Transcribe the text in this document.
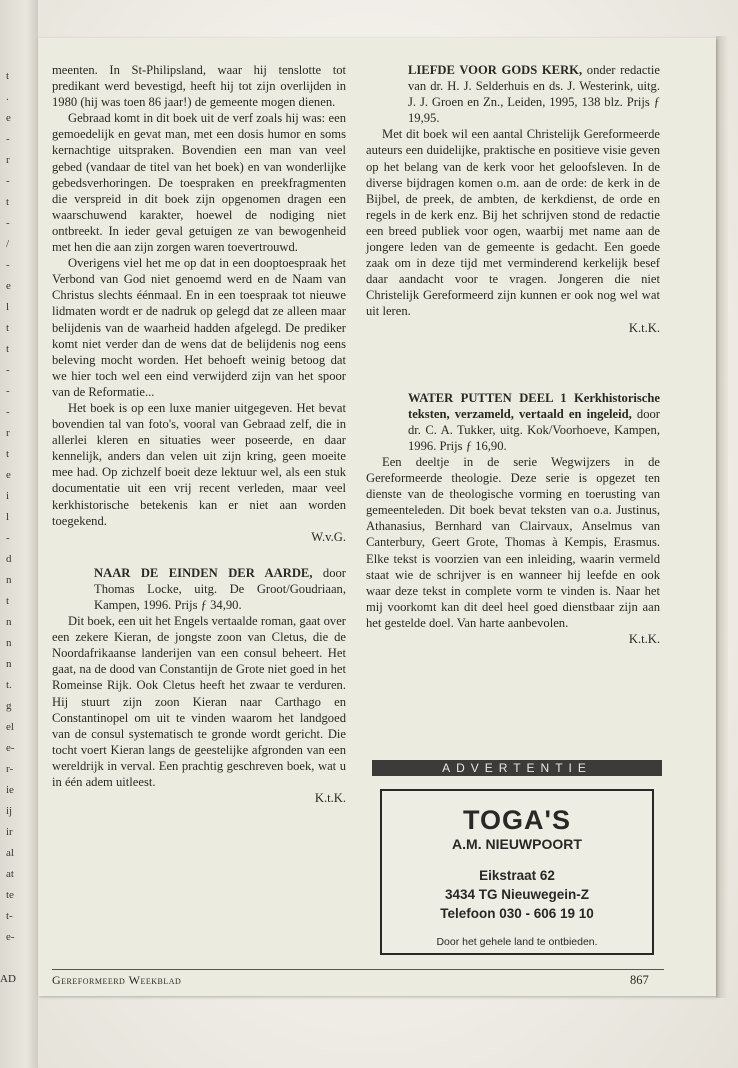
t
.
e
-
r
-
t
-
/
-
e
l
t
t
-
-
-
r
t
e
i
l
-
d
n
t
n
n
n
t.
g
el
e-
r-
ie
ij
ir
al
at
te
t-
e-

meenten. In St-Philipsland, waar hij tenslotte tot predikant werd bevestigd, heeft hij tot zijn overlijden in 1980 (hij was toen 86 jaar!) de gemeente mogen dienen.

Gebraad komt in dit boek uit de verf zoals hij was: een gemoedelijk en gevat man, met een dosis humor en soms kernachtige uitspraken. Bovendien een man van veel gebed (vandaar de titel van het boek) en van wonderlijke gebedsverhoringen. De toespraken en preekfragmenten die verspreid in dit boek zijn opgenomen dragen een waarschuwend karakter, hoewel de nodiging niet ontbreekt. In ieder geval getuigen ze van bewogenheid met hen die aan zijn zorgen waren toevertrouwd.

Overigens viel het me op dat in een dooptoespraak het Verbond van God niet genoemd werd en de Naam van Christus slechts éénmaal. En in een toespraak tot nieuwe lidmaten wordt er de nadruk op gelegd dat ze alleen maar belijdenis van de waarheid hadden afgelegd. De prediker komt niet verder dan de wens dat de belijdenis nog eens beleving mocht worden. Het behoeft weinig betoog dat we hier toch wel een eind verwijderd zijn van het spoor van de Reformatie...

Het boek is op een luxe manier uitgegeven. Het bevat bovendien tal van foto's, vooral van Gebraad zelf, die in allerlei kleren en situaties weer poseerde, en daar kennelijk, anders dan velen uit zijn kring, geen moeite mee had. Op zichzelf boeit deze lektuur wel, als een stuk documentatie uit een vrij recent verleden, maar veel kerkhistorische betekenis kan er niet aan worden toegekend.

W.v.G.

NAAR DE EINDEN DER AARDE, door Thomas Locke, uitg. De Groot/Goudriaan, Kampen, 1996. Prijs ƒ 34,90.

Dit boek, een uit het Engels vertaalde roman, gaat over een zekere Kieran, de jongste zoon van Cletus, die de Noordafrikaanse landerijen van een consul beheert. Het gaat, na de dood van Constantijn de Grote niet goed in het Romeinse Rijk. Ook Cletus heeft het zwaar te verduren. Hij stuurt zijn zoon Kieran naar Carthago en Constantinopel om uit te vinden waarom het landgoed van de consul systematisch te gronde wordt gericht. Die tocht voert Kieran langs de geestelijke afgronden van een wereldrijk in verval. Een prachtig geschreven boek, wat u in één adem uitleest.

K.t.K.

LIEFDE VOOR GODS KERK, onder redactie van dr. H. J. Selderhuis en ds. J. Westerink, uitg. J. J. Groen en Zn., Leiden, 1995, 138 blz. Prijs ƒ 19,95.

Met dit boek wil een aantal Christelijk Gereformeerde auteurs een duidelijke, praktische en positieve visie geven op het belang van de kerk voor het geloofsleven. In de diverse bijdragen komen o.m. aan de orde: de kerk in de Bijbel, de preek, de ambten, de kerkdienst, de orde en regels in de kerk enz. Bij het schrijven stond de redactie een breed publiek voor ogen, waarbij met name aan de jongere leden van de gemeente is gedacht. Een goede zaak om in deze tijd met verminderend kerkelijk besef daar aandacht voor te vragen. Jongeren die niet Christelijk Gereformeerd zijn kunnen er ook nog wel wat uit leren.

K.t.K.

WATER PUTTEN DEEL 1 Kerkhistorische teksten, verzameld, vertaald en ingeleid, door dr. C. A. Tukker, uitg. Kok/Voorhoeve, Kampen, 1996. Prijs ƒ 16,90.

Een deeltje in de serie Wegwijzers in de Gereformeerde theologie. Deze serie is opgezet ten dienste van de theologische vorming en toerusting van gemeenteleden. Dit boek bevat teksten van o.a. Justinus, Athanasius, Bernhard van Clairvaux, Anselmus van Canterbury, Geert Grote, Thomas à Kempis, Erasmus. Elke tekst is voorzien van een inleiding, waarin vermeld staat wie de schrijver is en wanneer hij leefde en ook waar deze tekst in complete vorm te vinden is. Naar het mij voorkomt kan dit deel heel goed dienstbaar zijn aan het gestelde doel. Van harte aanbevolen.

K.t.K.

ADVERTENTIE
TOGA'S
A.M. NIEUWPOORT
Eikstraat 62
3434 TG Nieuwegein-Z
Telefoon 030 - 606 19 10
Door het gehele land te ontbieden.
Gereformeerd Weekblad	867
AD
